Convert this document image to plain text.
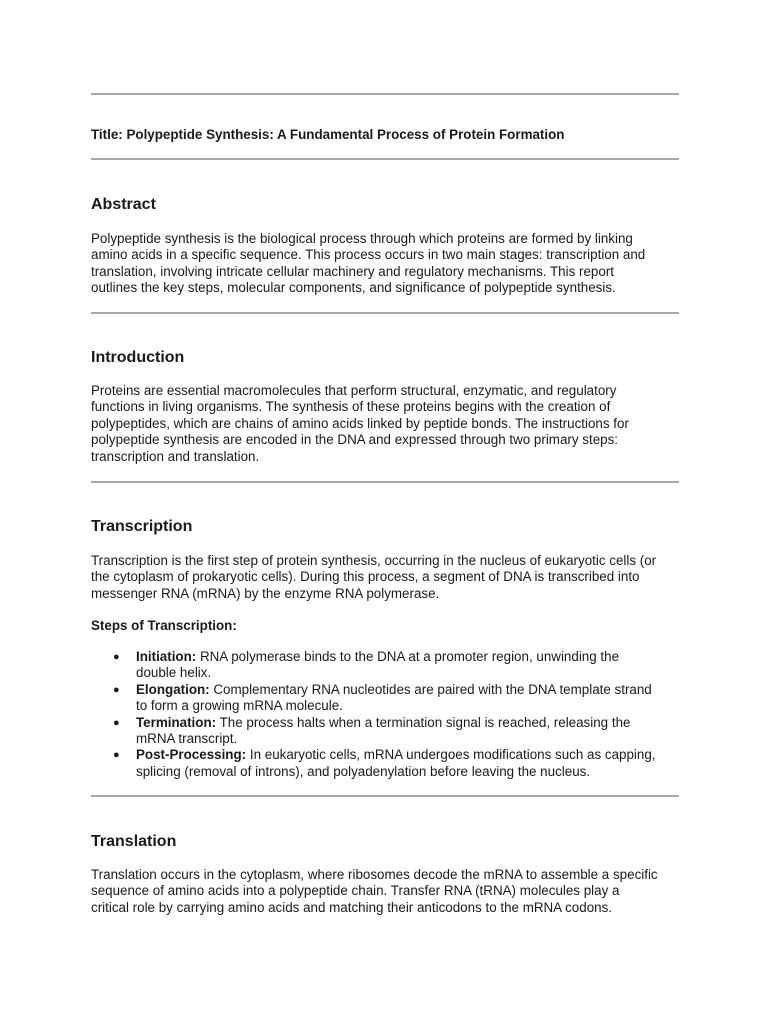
Title: Polypeptide Synthesis: A Fundamental Process of Protein Formation
Abstract
Polypeptide synthesis is the biological process through which proteins are formed by linking
amino acids in a specific sequence. This process occurs in two main stages: transcription and
translation, involving intricate cellular machinery and regulatory mechanisms. This report
outlines the key steps, molecular components, and significance of polypeptide synthesis.
Introduction
Proteins are essential macromolecules that perform structural, enzymatic, and regulatory
functions in living organisms. The synthesis of these proteins begins with the creation of
polypeptides, which are chains of amino acids linked by peptide bonds. The instructions for
polypeptide synthesis are encoded in the DNA and expressed through two primary steps:
transcription and translation.
Transcription
Transcription is the first step of protein synthesis, occurring in the nucleus of eukaryotic cells (or
the cytoplasm of prokaryotic cells). During this process, a segment of DNA is transcribed into
messenger RNA (mRNA) by the enzyme RNA polymerase.
Steps of Transcription:
● Initiation: RNA polymerase binds to the DNA at a promoter region, unwinding the
double helix.
● Elongation: Complementary RNA nucleotides are paired with the DNA template strand
to form a growing mRNA molecule.
● Termination: The process halts when a termination signal is reached, releasing the
mRNA transcript.
● Post-Processing: In eukaryotic cells, mRNA undergoes modifications such as capping,
splicing (removal of introns), and polyadenylation before leaving the nucleus.
Translation
Translation occurs in the cytoplasm, where ribosomes decode the mRNA to assemble a specific
sequence of amino acids into a polypeptide chain. Transfer RNA (tRNA) molecules play a
critical role by carrying amino acids and matching their anticodons to the mRNA codons.
